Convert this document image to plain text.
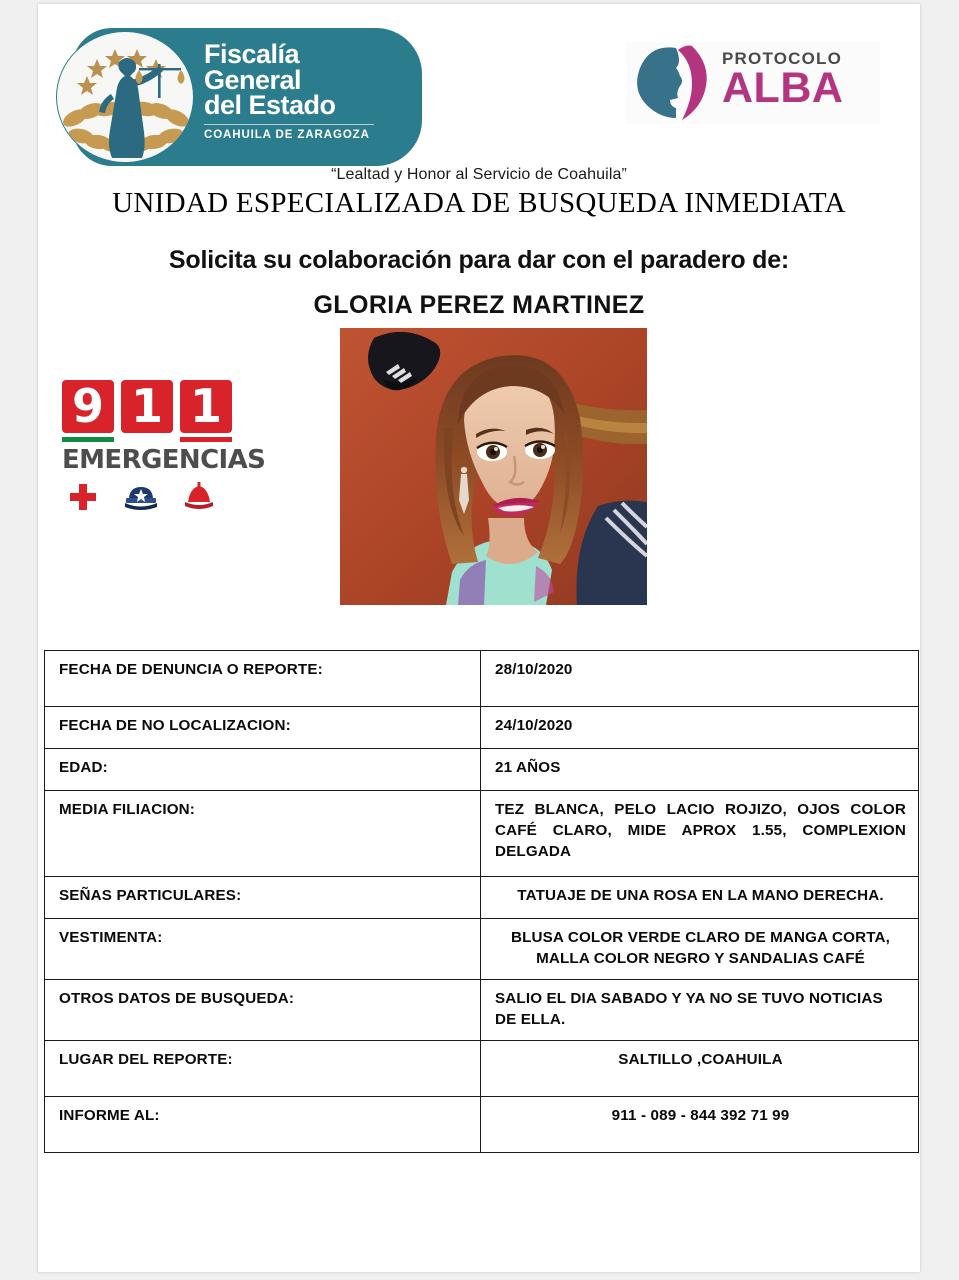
Fiscalía
General
del Estado
COAHUILA DE ZARAGOZA
PROTOCOLO
ALBA
“Lealtad y Honor al Servicio de Coahuila”
UNIDAD ESPECIALIZADA DE BUSQUEDA INMEDIATA
Solicita su colaboración para dar con el paradero de:
GLORIA PEREZ MARTINEZ
9 1 1
EMERGENCIAS
FECHA DE DENUNCIA O REPORTE:	28/10/2020
FECHA DE NO LOCALIZACION:	24/10/2020
EDAD:	21 AÑOS
MEDIA FILIACION:	TEZ BLANCA, PELO LACIO ROJIZO, OJOS COLOR CAFÉ CLARO, MIDE APROX 1.55, COMPLEXION DELGADA
SEÑAS PARTICULARES:	TATUAJE DE UNA ROSA EN LA MANO DERECHA.
VESTIMENTA:	BLUSA COLOR VERDE CLARO DE MANGA CORTA, MALLA COLOR NEGRO Y SANDALIAS CAFÉ
OTROS DATOS DE BUSQUEDA:	SALIO EL DIA SABADO Y YA NO SE TUVO NOTICIAS DE ELLA.
LUGAR DEL REPORTE:	SALTILLO ,COAHUILA
INFORME AL:	911 - 089 - 844 392 71 99
